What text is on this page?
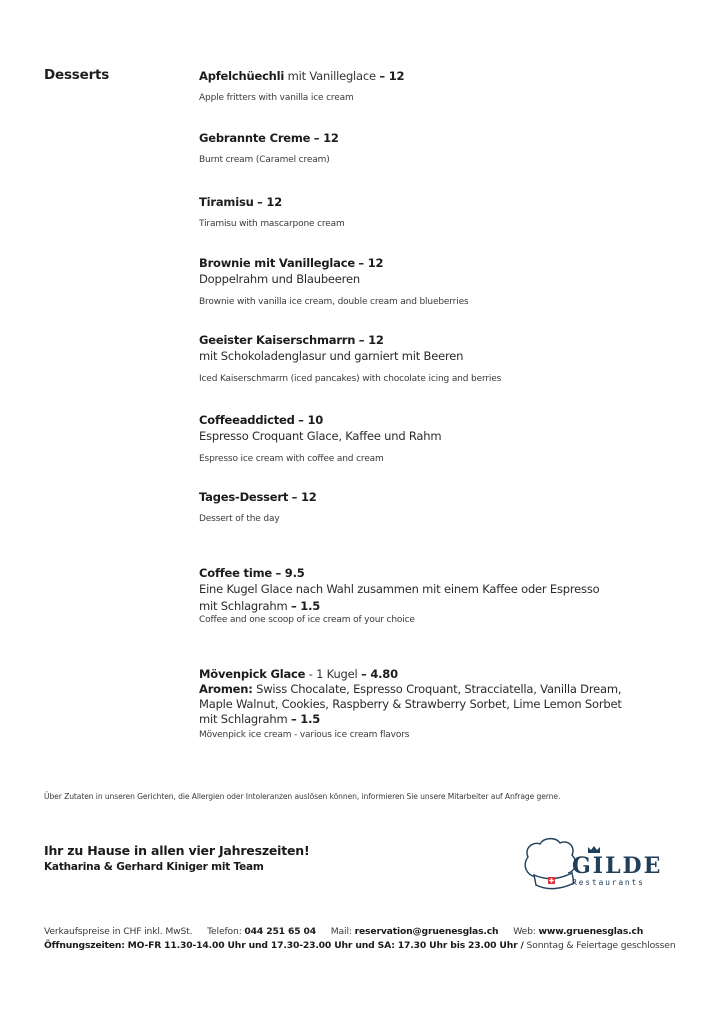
Desserts	Apfelchüechli mit Vanilleglace – 12
Apple fritters with vanilla ice cream
Gebrannte Creme – 12
Burnt cream (Caramel cream)
Tiramisu – 12
Tiramisu with mascarpone cream
Brownie mit Vanilleglace – 12
Doppelrahm und Blaubeeren
Brownie with vanilla ice cream, double cream and blueberries
Geeister Kaiserschmarrn – 12
mit Schokoladenglasur und garniert mit Beeren
Iced Kaiserschmarrn (iced pancakes) with chocolate icing and berries
Coffeeaddicted – 10
Espresso Croquant Glace, Kaffee und Rahm
Espresso ice cream with coffee and cream
Tages-Dessert – 12
Dessert of the day
Coffee time – 9.5
Eine Kugel Glace nach Wahl zusammen mit einem Kaffee oder Espresso
mit Schlagrahm – 1.5
Coffee and one scoop of ice cream of your choice
Mövenpick Glace - 1 Kugel – 4.80
Aromen: Swiss Chocalate, Espresso Croquant, Stracciatella, Vanilla Dream,
Maple Walnut, Cookies, Raspberry & Strawberry Sorbet, Lime Lemon Sorbet
mit Schlagrahm – 1.5
Mövenpick ice cream - various ice cream flavors
Über Zutaten in unseren Gerichten, die Allergien oder Intoleranzen auslösen können, informieren Sie unsere Mitarbeiter auf Anfrage gerne.
Ihr zu Hause in allen vier Jahreszeiten!
Katharina & Gerhard Kiniger mit Team	GILDE
Restaurants
Verkaufspreise in CHF inkl. MwSt. Telefon: 044 251 65 04 Mail: reservation@gruenesglas.ch Web: www.gruenesglas.ch
Öffnungszeiten: MO-FR 11.30-14.00 Uhr und 17.30-23.00 Uhr und SA: 17.30 Uhr bis 23.00 Uhr / Sonntag & Feiertage geschlossen
